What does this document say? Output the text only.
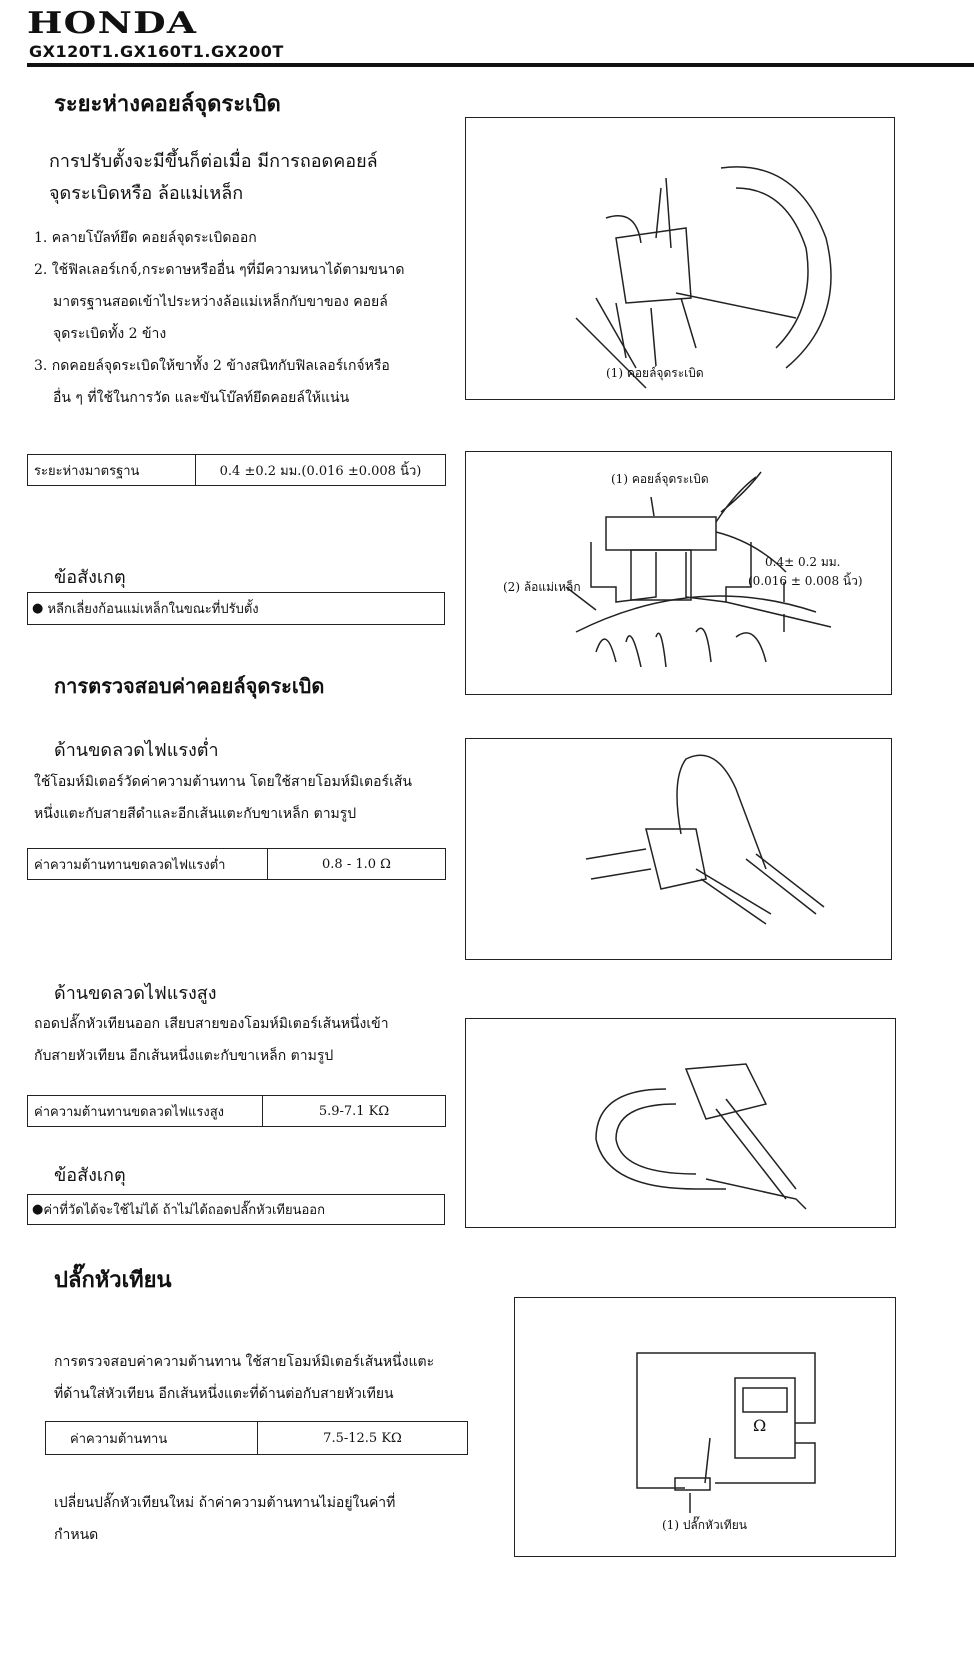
HONDA
GX120T1.GX160T1.GX200T
ระยะห่างคอยล์จุดระเบิด
การปรับตั้งจะมีขึ้นก็ต่อเมื่อ มีการถอดคอยล์
จุดระเบิดหรือ ล้อแม่เหล็ก
1. คลายโบ๊ลท์ยึด คอยล์จุดระเบิดออก
2. ใช้ฟิลเลอร์เกจ์,กระดาษหรืออื่น ๆที่มีความหนาได้ตามขนาด
มาตรฐานสอดเข้าไประหว่างล้อแม่เหล็กกับขาของ คอยล์
จุดระเบิดทั้ง 2 ข้าง
3. กดคอยล์จุดระเบิดให้ขาทั้ง 2 ข้างสนิทกับฟิลเลอร์เกจ์หรือ
อื่น ๆ ที่ใช้ในการวัด และขันโบ๊ลท์ยึดคอยล์ให้แน่น
ระยะห่างมาตรฐาน	0.4 ±0.2 มม.(0.016 ±0.008 นิ้ว)
ข้อสังเกตุ
● หลีกเลี่ยงก้อนแม่เหล็กในขณะที่ปรับตั้ง
การตรวจสอบค่าคอยล์จุดระเบิด
ด้านขดลวดไฟแรงต่ำ
ใช้โอมห์มิเตอร์วัดค่าความต้านทาน โดยใช้สายโอมห์มิเตอร์เส้น
หนึ่งแตะกับสายสีดำและอีกเส้นแตะกับขาเหล็ก ตามรูป
ค่าความต้านทานขดลวดไฟแรงต่ำ	0.8 - 1.0 Ω
ด้านขดลวดไฟแรงสูง
ถอดปลั๊กหัวเทียนออก เสียบสายของโอมห์มิเตอร์เส้นหนึ่งเข้า
กับสายหัวเทียน อีกเส้นหนึ่งแตะกับขาเหล็ก ตามรูป
ค่าความต้านทานขดลวดไฟแรงสูง	5.9-7.1 KΩ
ข้อสังเกตุ
● ค่าที่วัดได้จะใช้ไม่ได้ ถ้าไม่ได้ถอดปลั๊กหัวเทียนออก
ปลั๊กหัวเทียน
การตรวจสอบค่าความต้านทาน ใช้สายโอมห์มิเตอร์เส้นหนึ่งแตะ
ที่ด้านใส่หัวเทียน อีกเส้นหนึ่งแตะที่ด้านต่อกับสายหัวเทียน
ค่าความต้านทาน	7.5-12.5 KΩ
เปลี่ยนปลั๊กหัวเทียนใหม่ ถ้าค่าความต้านทานไม่อยู่ในค่าที่
กำหนด
(1) คอยล์จุดระเบิด
(1) คอยล์จุดระเบิด
(2) ล้อแม่เหล็ก
0.4± 0.2 มม.
(0.016 ± 0.008 นิ้ว)
Ω
(1) ปลั๊กหัวเทียน
